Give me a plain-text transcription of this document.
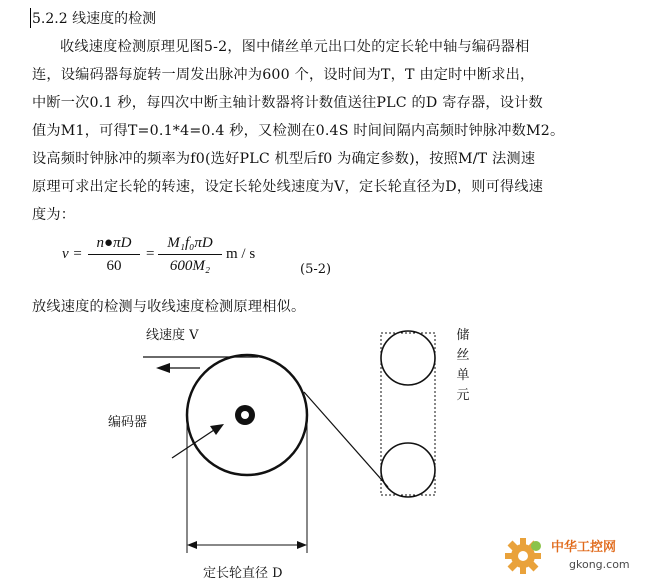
5.2.2 线速度的检测
收线速度检测原理见图5-2，图中储丝单元出口处的定长轮中轴与编码器相
连，设编码器每旋转一周发出脉冲为600 个，设时间为T，T 由定时中断求出，
中断一次0.1 秒，每四次中断主轴计数器将计数值送往PLC 的D 寄存器，设计数
值为M1，可得T=0.1*4=0.4 秒，又检测在0.4S 时间间隔内高频时钟脉冲数M2。
设高频时钟脉冲的频率为f0(选好PLC 机型后f0 为确定参数)，按照M/T 法测速
原理可求出定长轮的转速，设定长轮处线速度为V，定长轮直径为D，则可得线速
度为：
v =
n●πD
60
=
M₁f₀πD
600M₂
m / s
(5-2)
放线速度的检测与收线速度检测原理相似。
线速度 V
编码器
储丝单元
定长轮直径 D
中华工控网
gkong.com
